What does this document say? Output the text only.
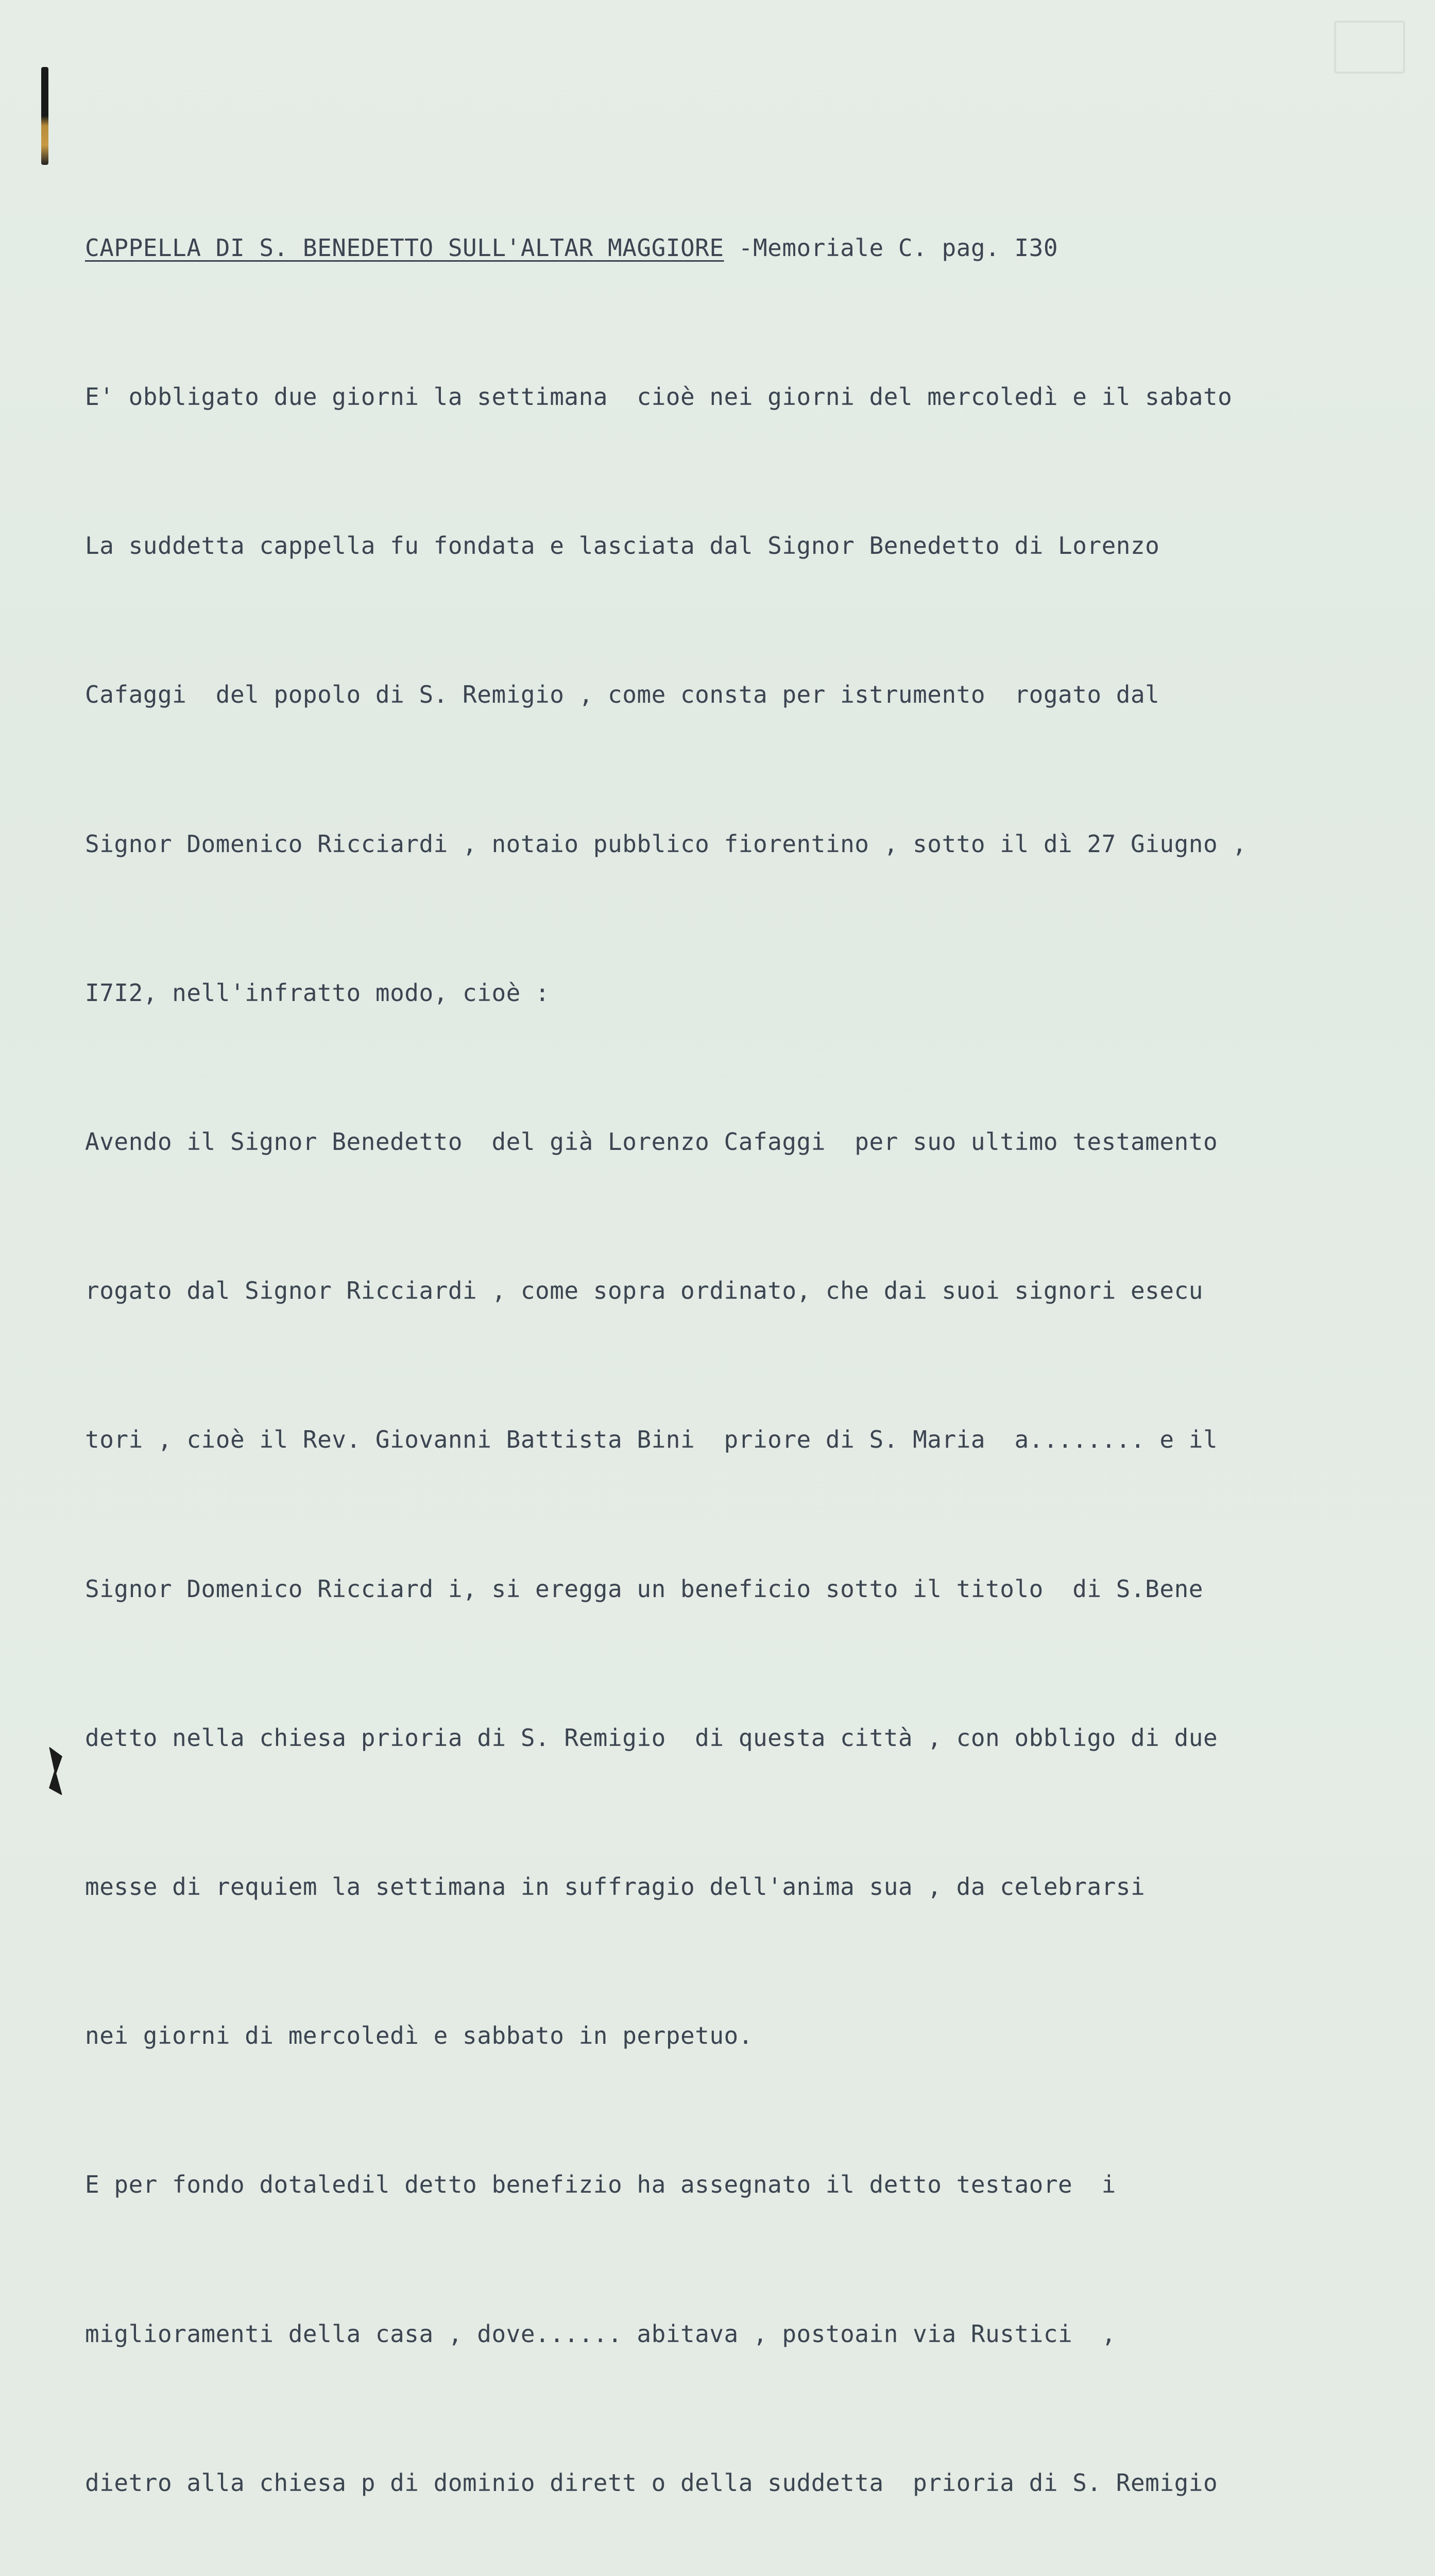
CAPPELLA DI S. BENEDETTO SULL'ALTAR MAGGIORE -Memoriale C. pag. I30

E' obbligato due giorni la settimana  cioè nei giorni del mercoledì e il sabato

La suddetta cappella fu fondata e lasciata dal Signor Benedetto di Lorenzo

Cafaggi  del popolo di S. Remigio , come consta per istrumento  rogato dal

Signor Domenico Ricciardi , notaio pubblico fiorentino , sotto il dì 27 Giugno ,

I7I2, nell'infratto modo, cioè :

Avendo il Signor Benedetto  del già Lorenzo Cafaggi  per suo ultimo testamento

rogato dal Signor Ricciardi , come sopra ordinato, che dai suoi signori esecu

tori , cioè il Rev. Giovanni Battista Bini  priore di S. Maria  a........ e il

Signor Domenico Ricciard i, si eregga un beneficio sotto il titolo  di S.Bene

detto nella chiesa prioria di S. Remigio  di questa città , con obbligo di due

messe di requiem la settimana in suffragio dell'anima sua , da celebrarsi

nei giorni di mercoledì e sabbato in perpetuo.

E per fondo dotaledil detto benefizio ha assegnato il detto testaore  i

miglioramenti della casa , dove...... abitava , postoain via Rustici  ,

dietro alla chiesa p di dominio dirett o della suddetta  prioria di S. Remigio
